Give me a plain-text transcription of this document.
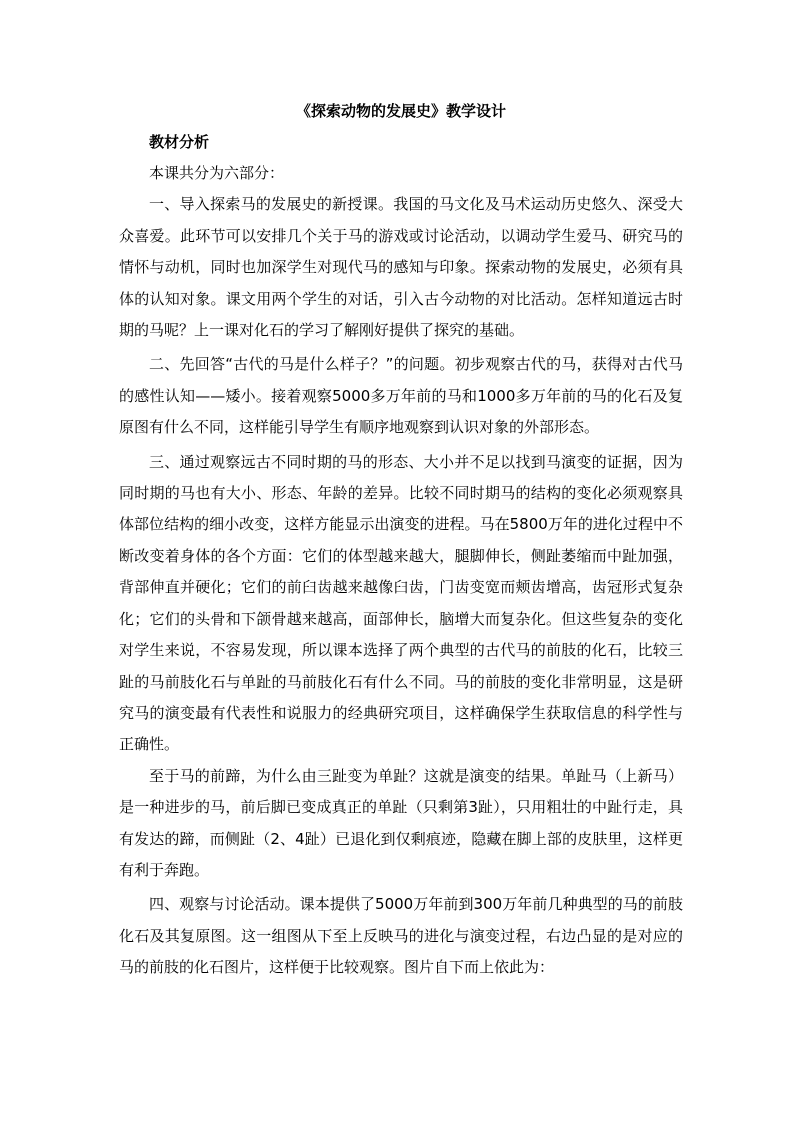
《探索动物的发展史》教学设计
教材分析

本课共分为六部分：

一、导入探索马的发展史的新授课。我国的马文化及马术运动历史悠久、深受大众喜爱。此环节可以安排几个关于马的游戏或讨论活动，以调动学生爱马、研究马的情怀与动机，同时也加深学生对现代马的感知与印象。探索动物的发展史，必须有具体的认知对象。课文用两个学生的对话，引入古今动物的对比活动。怎样知道远古时期的马呢？上一课对化石的学习了解刚好提供了探究的基础。

二、先回答“古代的马是什么样子？”的问题。初步观察古代的马，获得对古代马的感性认知——矮小。接着观察5000多万年前的马和1000多万年前的马的化石及复原图有什么不同，这样能引导学生有顺序地观察到认识对象的外部形态。

三、通过观察远古不同时期的马的形态、大小并不足以找到马演变的证据，因为同时期的马也有大小、形态、年龄的差异。比较不同时期马的结构的变化必须观察具体部位结构的细小改变，这样方能显示出演变的进程。马在5800万年的进化过程中不断改变着身体的各个方面：它们的体型越来越大，腿脚伸长，侧趾萎缩而中趾加强，背部伸直并硬化；它们的前臼齿越来越像臼齿，门齿变宽而颊齿增高，齿冠形式复杂化；它们的头骨和下颌骨越来越高，面部伸长，脑增大而复杂化。但这些复杂的变化对学生来说，不容易发现，所以课本选择了两个典型的古代马的前肢的化石，比较三趾的马前肢化石与单趾的马前肢化石有什么不同。马的前肢的变化非常明显，这是研究马的演变最有代表性和说服力的经典研究项目，这样确保学生获取信息的科学性与正确性。

至于马的前蹄，为什么由三趾变为单趾？这就是演变的结果。单趾马（上新马）是一种进步的马，前后脚已变成真正的单趾（只剩第3趾），只用粗壮的中趾行走，具有发达的蹄，而侧趾（2、4趾）已退化到仅剩痕迹，隐藏在脚上部的皮肤里，这样更有利于奔跑。

四、观察与讨论活动。课本提供了5000万年前到300万年前几种典型的马的前肢化石及其复原图。这一组图从下至上反映马的进化与演变过程，右边凸显的是对应的马的前肢的化石图片，这样便于比较观察。图片自下而上依此为：
